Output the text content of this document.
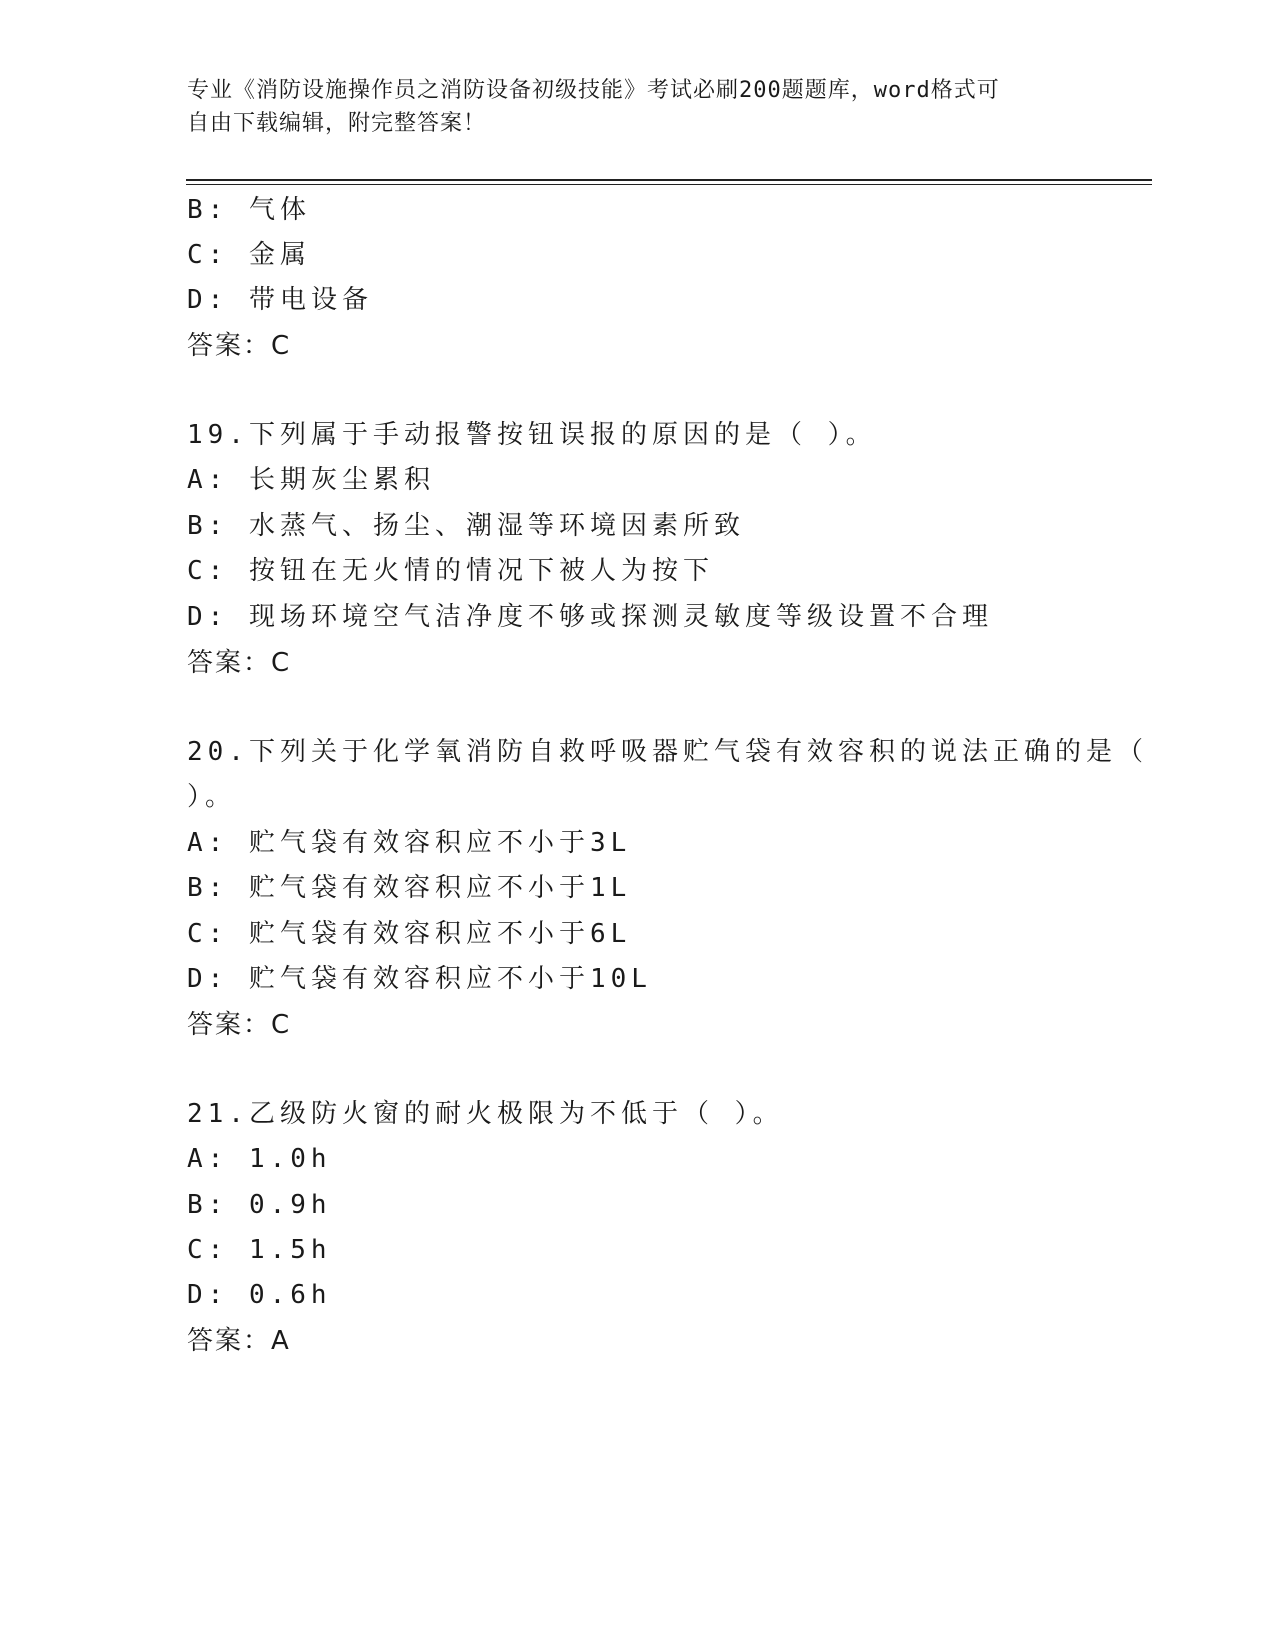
专业《消防设施操作员之消防设备初级技能》考试必刷200题题库，word格式可
自由下载编辑，附完整答案！
B: 气体
C: 金属
D: 带电设备
答案：C
19.下列属于手动报警按钮误报的原因的是（ ）。
A: 长期灰尘累积
B: 水蒸气、扬尘、潮湿等环境因素所致
C: 按钮在无火情的情况下被人为按下
D: 现场环境空气洁净度不够或探测灵敏度等级设置不合理
答案：C
20.下列关于化学氧消防自救呼吸器贮气袋有效容积的说法正确的是（
）。
A: 贮气袋有效容积应不小于3L
B: 贮气袋有效容积应不小于1L
C: 贮气袋有效容积应不小于6L
D: 贮气袋有效容积应不小于10L
答案：C
21.乙级防火窗的耐火极限为不低于（ ）。
A: 1.0h
B: 0.9h
C: 1.5h
D: 0.6h
答案：A
